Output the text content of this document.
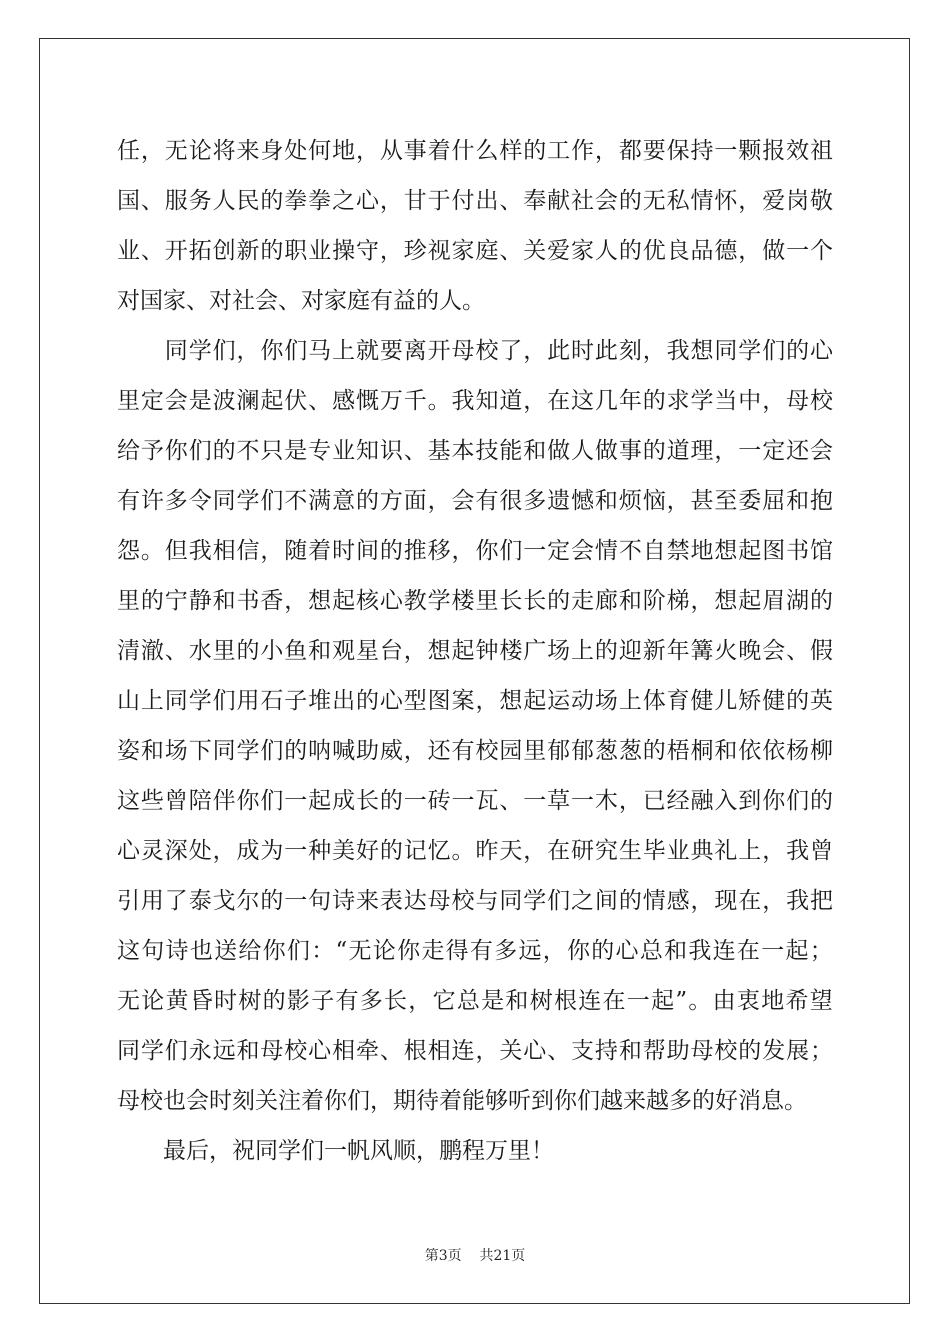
任，无论将来身处何地，从事着什么样的工作，都要保持一颗报效祖
国、服务人民的拳拳之心，甘于付出、奉献社会的无私情怀，爱岗敬
业、开拓创新的职业操守，珍视家庭、关爱家人的优良品德，做一个
对国家、对社会、对家庭有益的人。
　　同学们，你们马上就要离开母校了，此时此刻，我想同学们的心
里定会是波澜起伏、感慨万千。我知道，在这几年的求学当中，母校
给予你们的不只是专业知识、基本技能和做人做事的道理，一定还会
有许多令同学们不满意的方面，会有很多遗憾和烦恼，甚至委屈和抱
怨。但我相信，随着时间的推移，你们一定会情不自禁地想起图书馆
里的宁静和书香，想起核心教学楼里长长的走廊和阶梯，想起眉湖的
清澈、水里的小鱼和观星台，想起钟楼广场上的迎新年篝火晚会、假
山上同学们用石子堆出的心型图案，想起运动场上体育健儿矫健的英
姿和场下同学们的呐喊助威，还有校园里郁郁葱葱的梧桐和依依杨柳
这些曾陪伴你们一起成长的一砖一瓦、一草一木，已经融入到你们的
心灵深处，成为一种美好的记忆。昨天，在研究生毕业典礼上，我曾
引用了泰戈尔的一句诗来表达母校与同学们之间的情感，现在，我把
这句诗也送给你们：“无论你走得有多远，你的心总和我连在一起；
无论黄昏时树的影子有多长，它总是和树根连在一起”。由衷地希望
同学们永远和母校心相牵、根相连，关心、支持和帮助母校的发展；
母校也会时刻关注着你们，期待着能够听到你们越来越多的好消息。
　　最后，祝同学们一帆风顺，鹏程万里！
第3页 共21页
